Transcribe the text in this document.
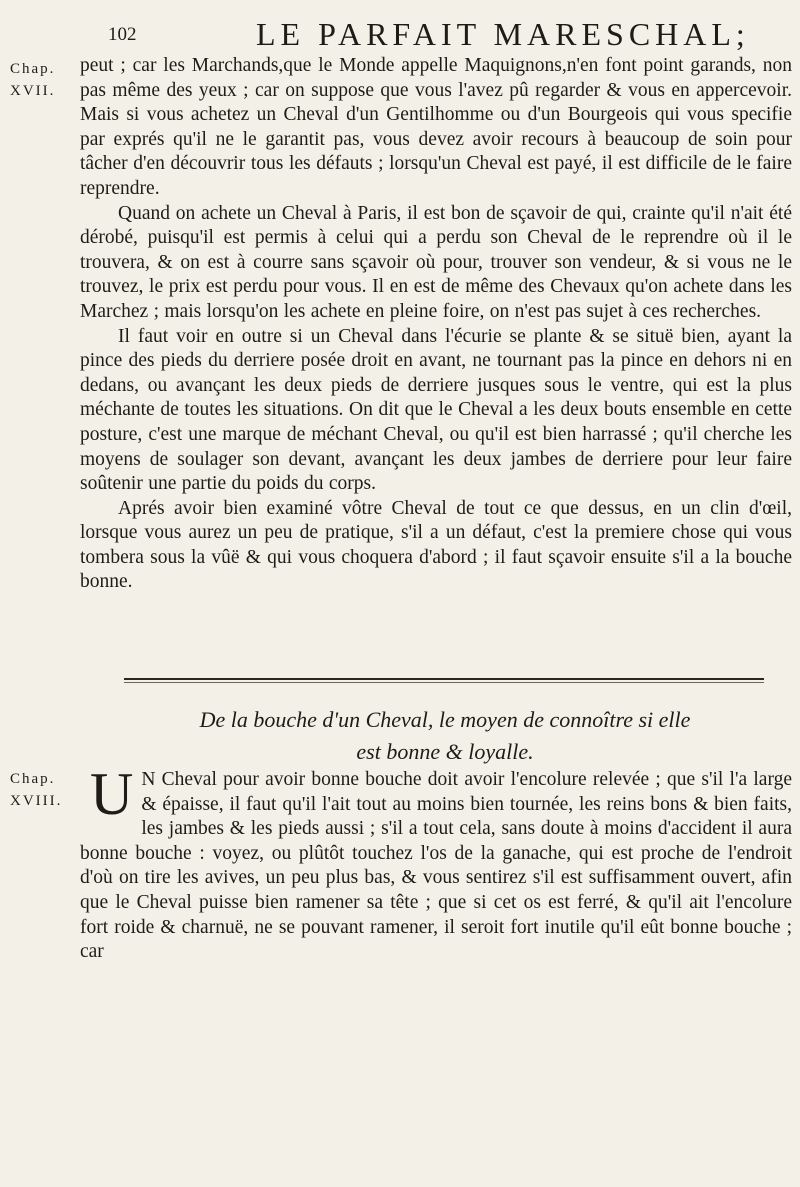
102	LE PARFAIT MARESCHAL;
Chap. XVII.

peut ; car les Marchands,que le Monde appelle Maquignons,n'en font point garands, non pas même des yeux ; car on suppose que vous l'avez pû regarder & vous en appercevoir. Mais si vous achetez un Cheval d'un Gentilhomme ou d'un Bourgeois qui vous specifie par exprés qu'il ne le garantit pas, vous devez avoir recours à beaucoup de soin pour tâcher d'en découvrir tous les défauts ; lorsqu'un Cheval est payé, il est difficile de le faire reprendre.

Quand on achete un Cheval à Paris, il est bon de sçavoir de qui, crainte qu'il n'ait été dérobé, puisqu'il est permis à celui qui a perdu son Cheval de le reprendre où il le trouvera, & on est à courre sans sçavoir où pour, trouver son vendeur, & si vous ne le trouvez, le prix est perdu pour vous. Il en est de même des Chevaux qu'on achete dans les Marchez ; mais lorsqu'on les achete en pleine foire, on n'est pas sujet à ces recherches.

Il faut voir en outre si un Cheval dans l'écurie se plante & se situë bien, ayant la pince des pieds du derriere posée droit en avant, ne tournant pas la pince en dehors ni en dedans, ou avançant les deux pieds de derriere jusques sous le ventre, qui est la plus méchante de toutes les situations. On dit que le Cheval a les deux bouts ensemble en cette posture, c'est une marque de méchant Cheval, ou qu'il est bien harrassé ; qu'il cherche les moyens de soulager son devant, avançant les deux jambes de derriere pour leur faire soûtenir une partie du poids du corps.

Aprés avoir bien examiné vôtre Cheval de tout ce que dessus, en un clin d'œil, lorsque vous aurez un peu de pratique, s'il a un défaut, c'est la premiere chose qui vous tombera sous la vûë & qui vous choquera d'abord ; il faut sçavoir ensuite s'il a la bouche bonne.

De la bouche d'un Cheval, le moyen de connoître si elle
est bonne & loyalle.
Chap. XVIII. U N Cheval pour avoir bonne bouche doit avoir l'encolure relevée ; que s'il l'a large & épaisse, il faut qu'il l'ait tout au moins bien tournée, les reins bons & bien faits, les jambes & les pieds aussi ; s'il a tout cela, sans doute à moins d'accident il aura bonne bouche : voyez, ou plûtôt touchez l'os de la ganache, qui est proche de l'endroit d'où on tire les avives, un peu plus bas, & vous sentirez s'il est suffisamment ouvert, afin que le Cheval puisse bien ramener sa tête ; que si cet os est ferré, & qu'il ait l'encolure fort roide & charnuë, ne se pouvant ramener, il seroit fort inutile qu'il eût bonne bouche ; car
